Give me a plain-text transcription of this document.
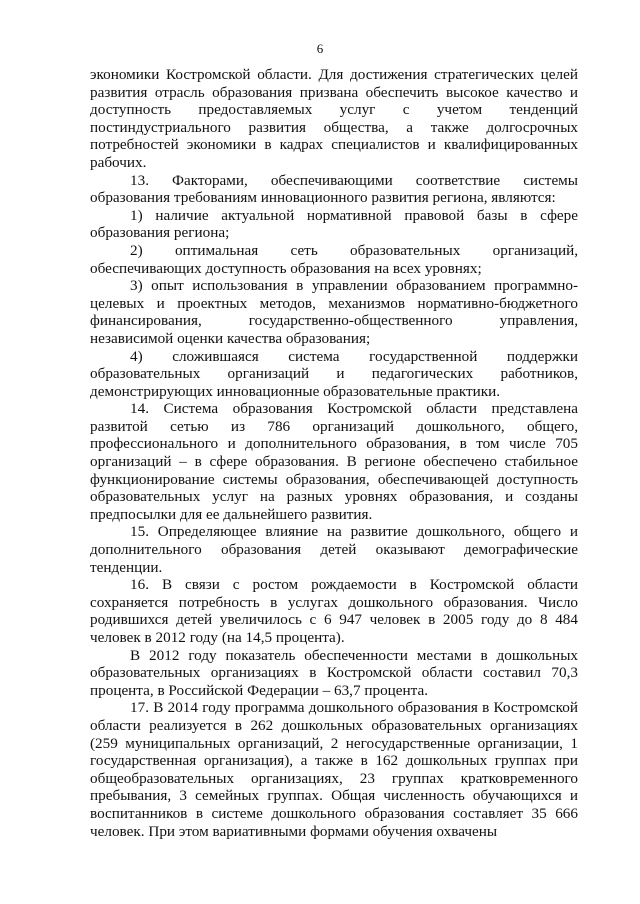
6

экономики Костромской области. Для достижения стратегических целей развития отрасль образования призвана обеспечить высокое качество и доступность предоставляемых услуг с учетом тенденций постиндустриального развития общества, а также долгосрочных потребностей экономики в кадрах специалистов и квалифицированных рабочих.

13. Факторами, обеспечивающими соответствие системы образования требованиям инновационного развития региона, являются:

1) наличие актуальной нормативной правовой базы в сфере образования региона;

2) оптимальная сеть образовательных организаций, обеспечивающих доступность образования на всех уровнях;

3) опыт использования в управлении образованием программно-целевых и проектных методов, механизмов нормативно-бюджетного финансирования, государственно-общественного управления, независимой оценки качества образования;

4) сложившаяся система государственной поддержки образовательных организаций и педагогических работников, демонстрирующих инновационные образовательные практики.

14. Система образования Костромской области представлена развитой сетью из 786 организаций дошкольного, общего, профессионального и дополнительного образования, в том числе 705 организаций – в сфере образования. В регионе обеспечено стабильное функционирование системы образования, обеспечивающей доступность образовательных услуг на разных уровнях образования, и созданы предпосылки для ее дальнейшего развития.

15. Определяющее влияние на развитие дошкольного, общего и дополнительного образования детей оказывают демографические тенденции.

16. В связи с ростом рождаемости в Костромской области сохраняется потребность в услугах дошкольного образования. Число родившихся детей увеличилось с 6 947 человек в 2005 году до 8 484 человек в 2012 году (на 14,5 процента).

В 2012 году показатель обеспеченности местами в дошкольных образовательных организациях в Костромской области составил 70,3 процента, в Российской Федерации – 63,7 процента.

17. В 2014 году программа дошкольного образования в Костромской области реализуется в 262 дошкольных образовательных организациях (259 муниципальных организаций, 2 негосударственные организации, 1 государственная организация), а также в 162 дошкольных группах при общеобразовательных организациях, 23 группах кратковременного пребывания, 3 семейных группах. Общая численность обучающихся и воспитанников в системе дошкольного образования составляет 35 666 человек. При этом вариативными формами обучения охвачены
